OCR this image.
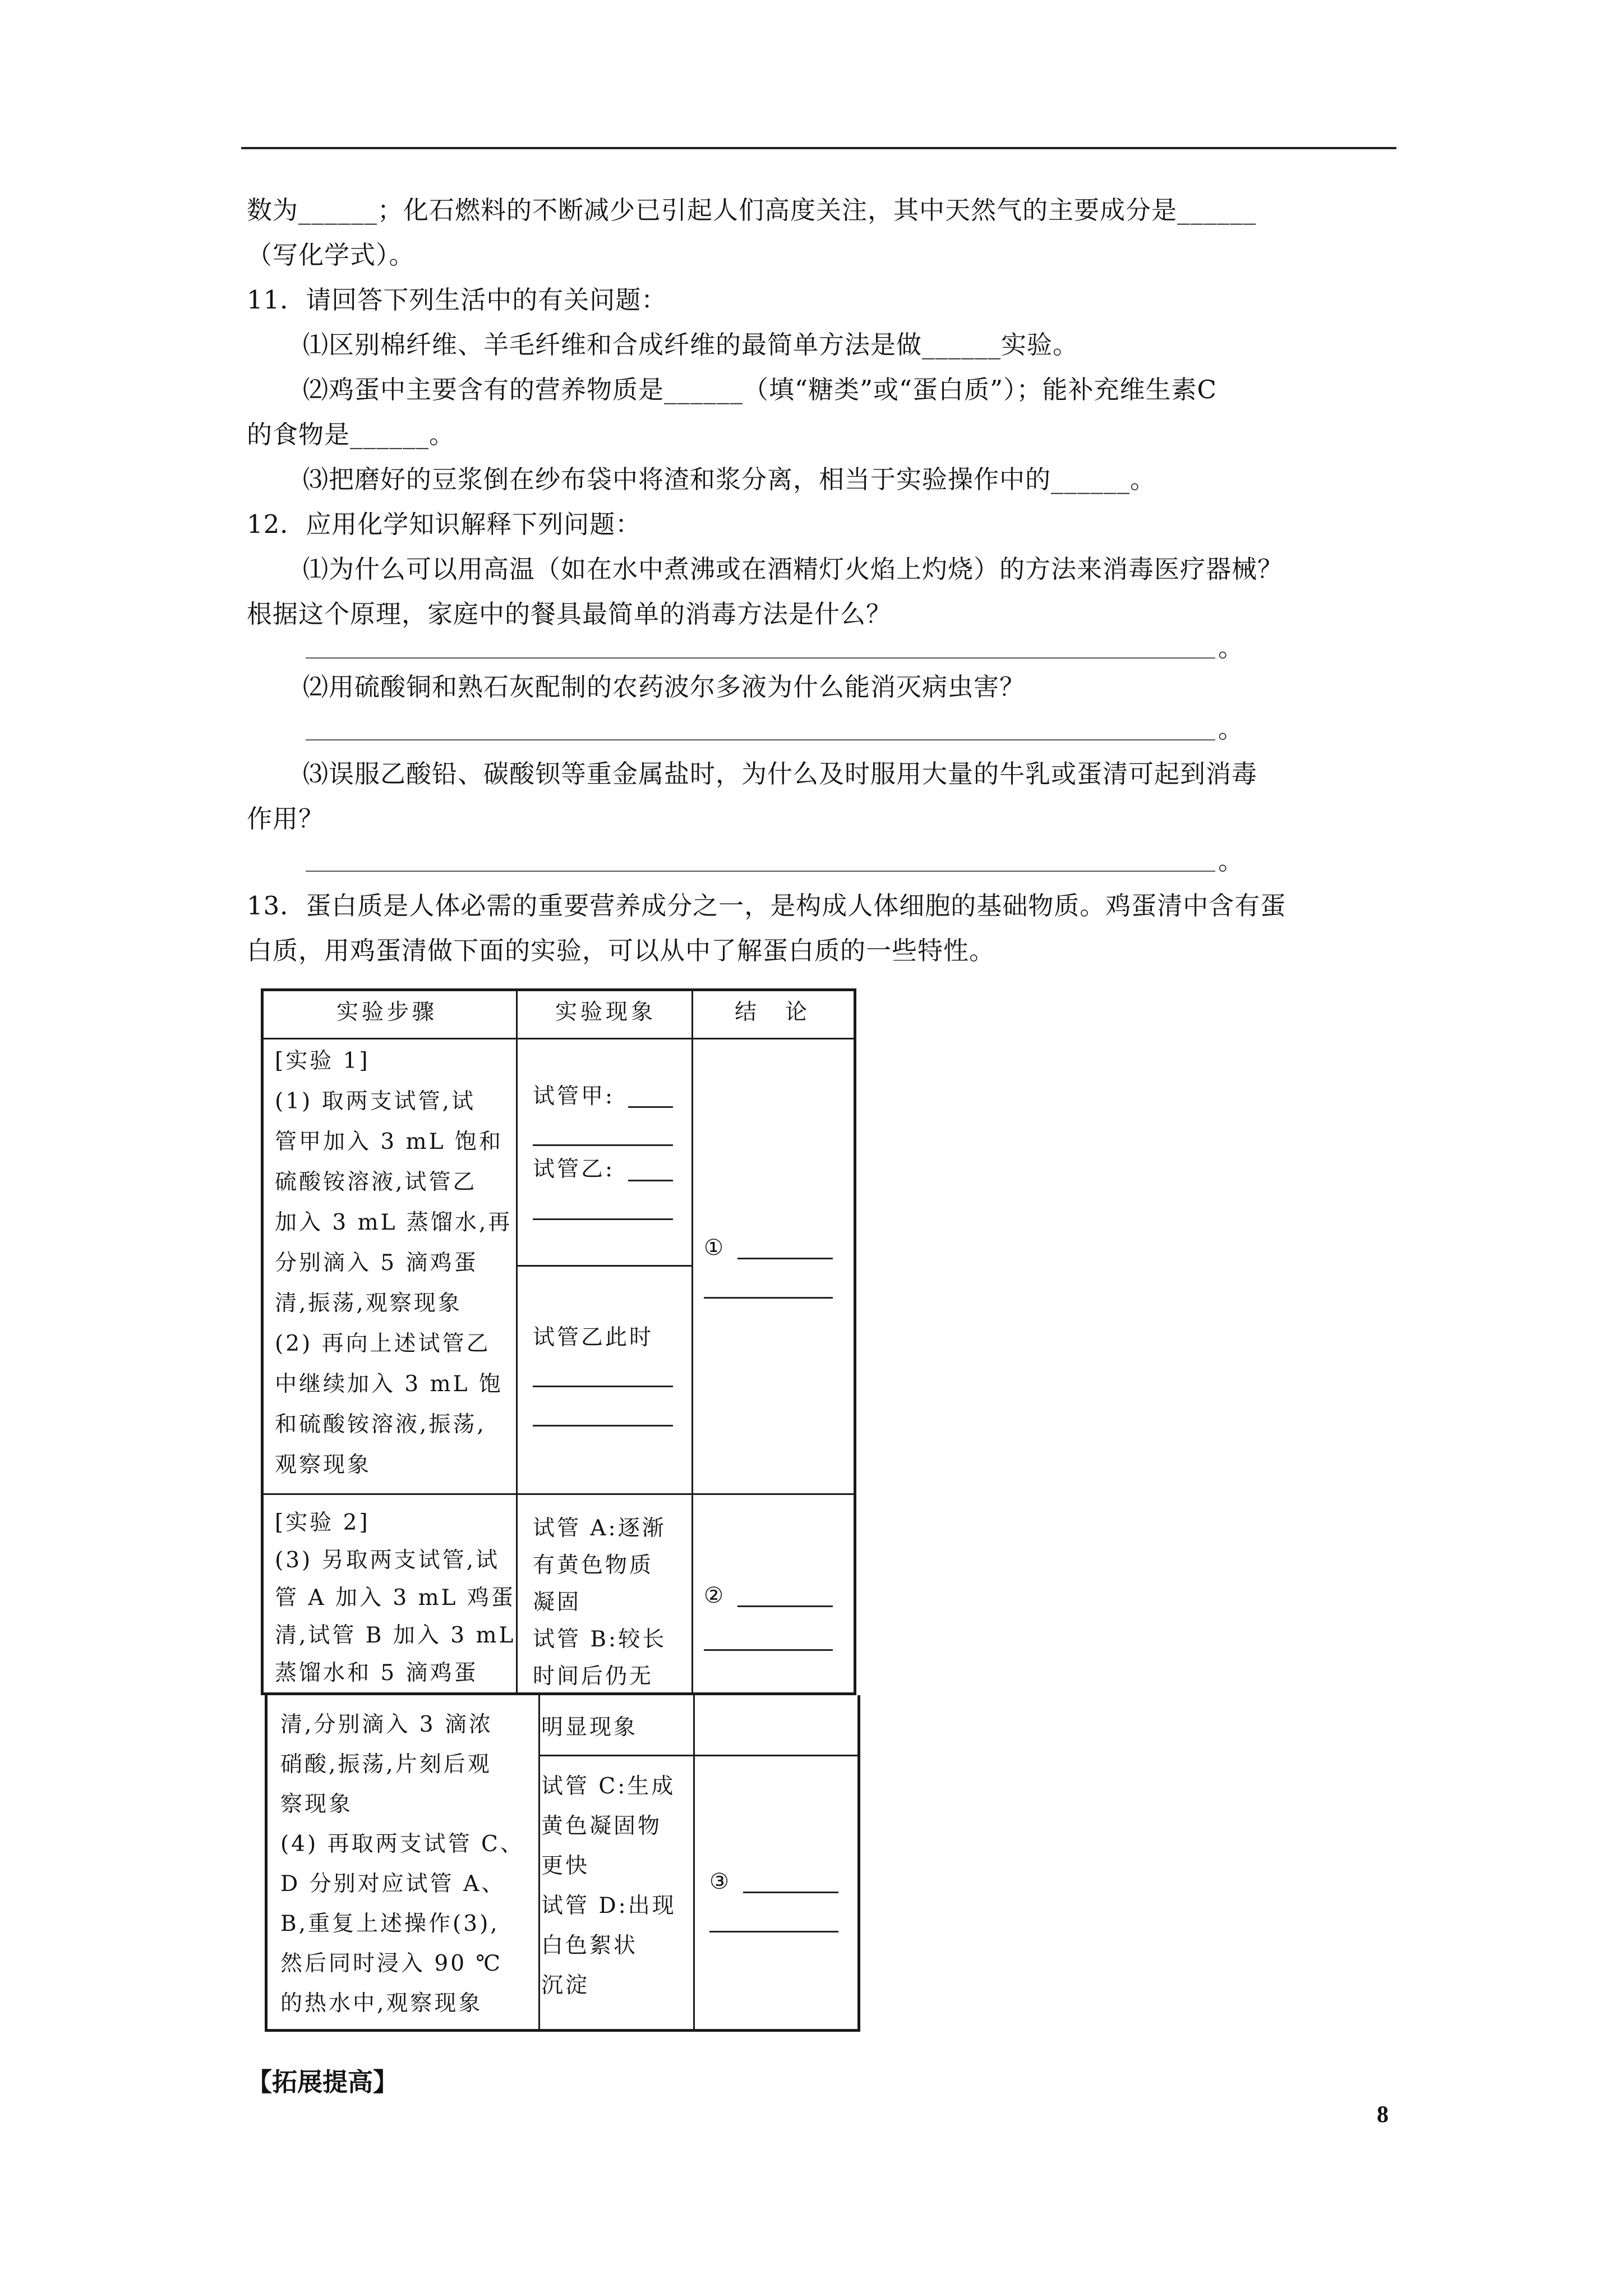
数为______；化石燃料的不断减少已引起人们高度关注，其中天然气的主要成分是______
（写化学式）。
11．请回答下列生活中的有关问题：
⑴区别棉纤维、羊毛纤维和合成纤维的最简单方法是做______实验。
⑵鸡蛋中主要含有的营养物质是______（填“糖类”或“蛋白质”）；能补充维生素C
的食物是______。
⑶把磨好的豆浆倒在纱布袋中将渣和浆分离，相当于实验操作中的______。
12．应用化学知识解释下列问题：
⑴为什么可以用高温（如在水中煮沸或在酒精灯火焰上灼烧）的方法来消毒医疗器械？
根据这个原理，家庭中的餐具最简单的消毒方法是什么？
。
⑵用硫酸铜和熟石灰配制的农药波尔多液为什么能消灭病虫害？
。
⑶误服乙酸铅、碳酸钡等重金属盐时，为什么及时服用大量的牛乳或蛋清可起到消毒
作用？
。
13．蛋白质是人体必需的重要营养成分之一，是构成人体细胞的基础物质。鸡蛋清中含有蛋
白质，用鸡蛋清做下面的实验，可以从中了解蛋白质的一些特性。
实验步骤	实验现象	结　论
[实验 1]
(1) 取两支试管,试
管甲加入 3 mL 饱和
硫酸铵溶液,试管乙
加入 3 mL 蒸馏水,再
分别滴入 5 滴鸡蛋
清,振荡,观察现象
(2) 再向上述试管乙
中继续加入 3 mL 饱
和硫酸铵溶液,振荡,
观察现象
试管甲:
试管乙:
试管乙此时
①
[实验 2]
(3) 另取两支试管,试
管 A 加入 3 mL 鸡蛋
清,试管 B 加入 3 mL
蒸馏水和 5 滴鸡蛋
试管 A:逐渐
有黄色物质
凝固
试管 B:较长
时间后仍无
②
清,分别滴入 3 滴浓
硝酸,振荡,片刻后观
察现象
(4) 再取两支试管 C、
D 分别对应试管 A、
B,重复上述操作(3),
然后同时浸入 90 ℃
的热水中,观察现象
明显现象
试管 C:生成
黄色凝固物
更快
试管 D:出现
白色絮状
沉淀
③
【拓展提高】
8
